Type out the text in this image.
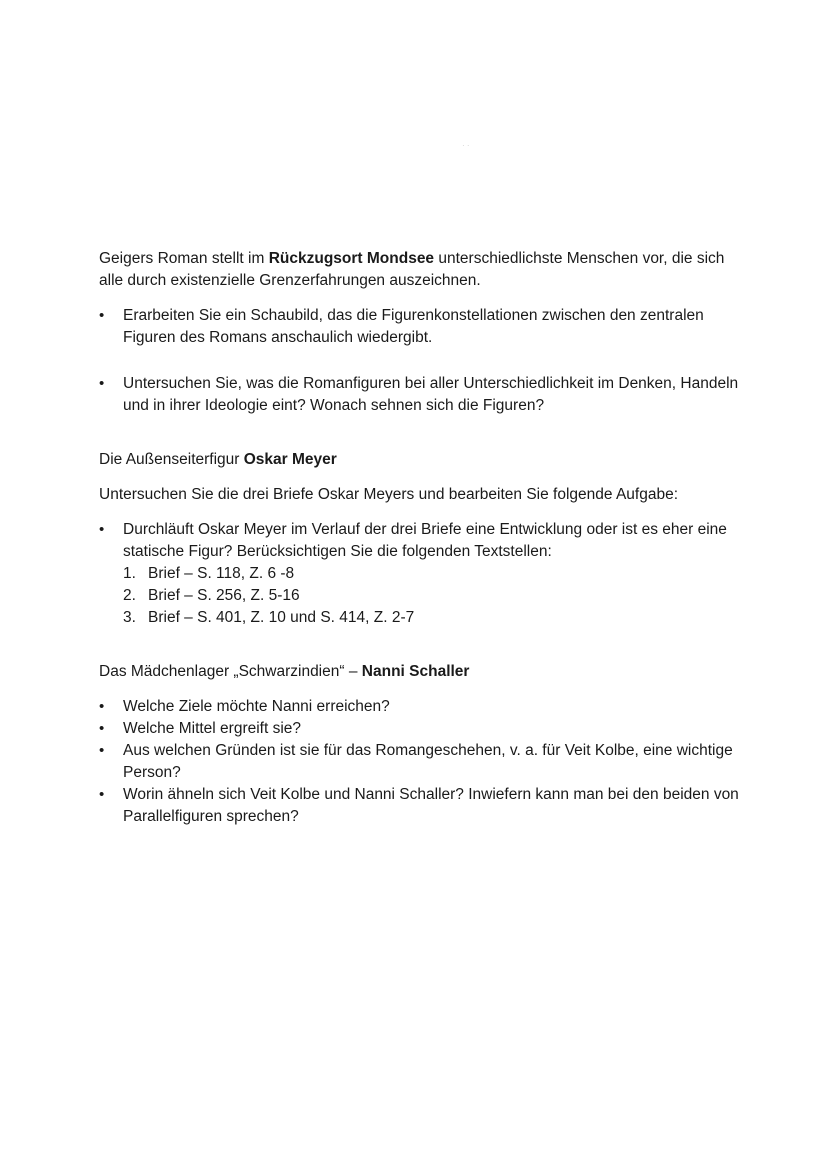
· ·

Geigers Roman stellt im Rückzugsort Mondsee unterschiedlichste Menschen vor, die sich alle durch existenzielle Grenzerfahrungen auszeichnen.

• Erarbeiten Sie ein Schaubild, das die Figurenkonstellationen zwischen den zentralen Figuren des Romans anschaulich wiedergibt.
• Untersuchen Sie, was die Romanfiguren bei aller Unterschiedlichkeit im Denken, Handeln und in ihrer Ideologie eint? Wonach sehnen sich die Figuren?

Die Außenseiterfigur Oskar Meyer

Untersuchen Sie die drei Briefe Oskar Meyers und bearbeiten Sie folgende Aufgabe:

• Durchläuft Oskar Meyer im Verlauf der drei Briefe eine Entwicklung oder ist es eher eine statische Figur? Berücksichtigen Sie die folgenden Textstellen:
1. Brief – S. 118, Z. 6 -8
2. Brief – S. 256, Z. 5-16
3. Brief – S. 401, Z. 10 und S. 414, Z. 2-7

Das Mädchenlager „Schwarzindien“ – Nanni Schaller

• Welche Ziele möchte Nanni erreichen?
• Welche Mittel ergreift sie?
• Aus welchen Gründen ist sie für das Romangeschehen, v. a. für Veit Kolbe, eine wichtige Person?
• Worin ähneln sich Veit Kolbe und Nanni Schaller? Inwiefern kann man bei den beiden von Parallelfiguren sprechen?
